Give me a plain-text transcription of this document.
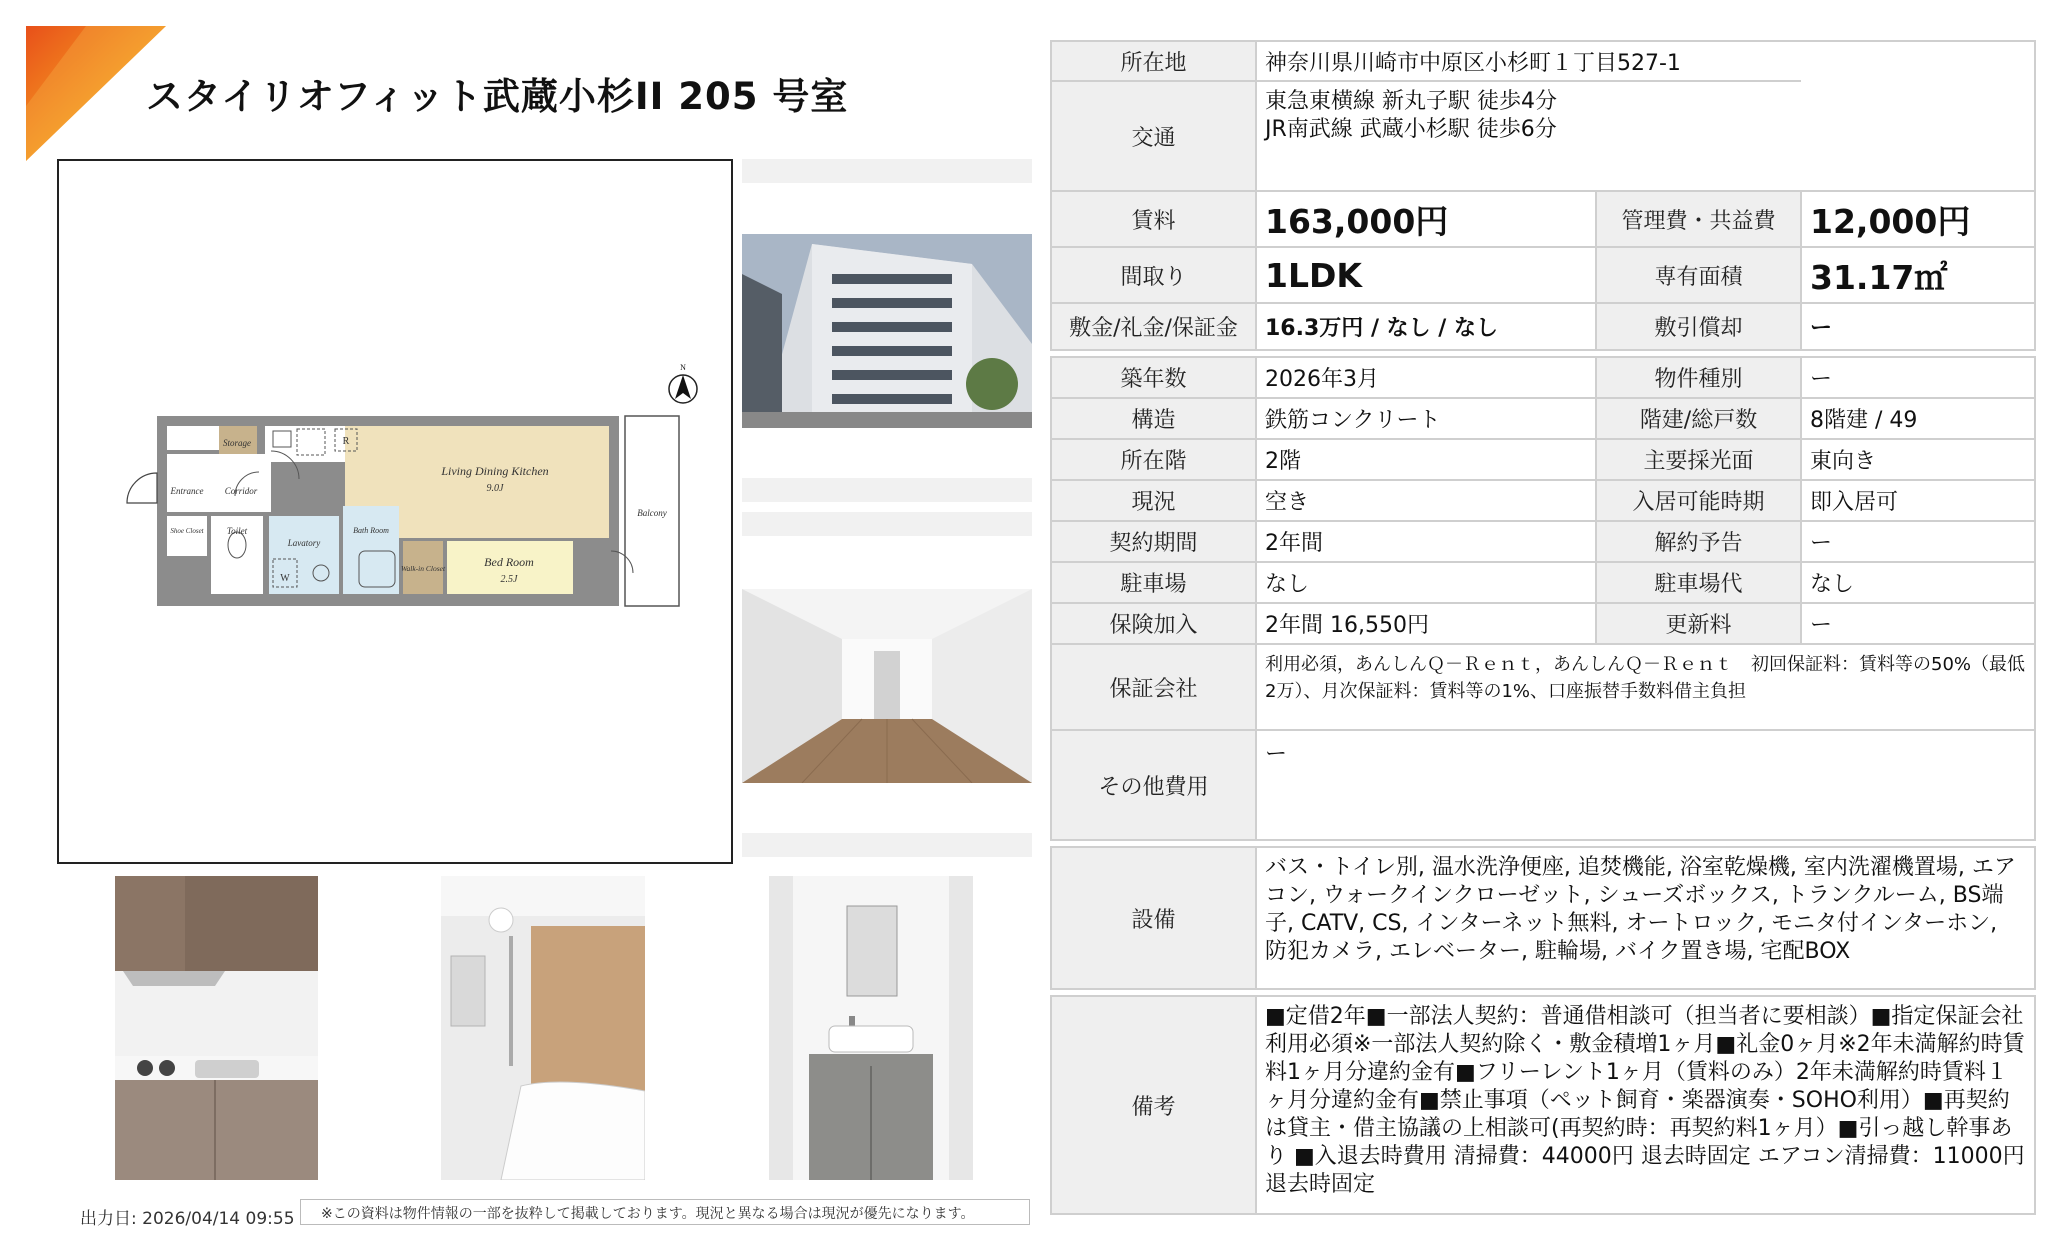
スタイリオフィット武蔵小杉II 205 号室
Storage
Entrance Corridor
Shoe Closet	Toilet
Lavatory
Bath Room
Walk-in Closet
Living Dining Kitchen
9.0J
Bed Room
2.5J
Balcony
W
R
N
所在地	神奈川県川崎市中原区小杉町１丁目527-1		
交通	東急東横線 新丸子駅 徒歩4分
JR南武線 武蔵小杉駅 徒歩6分		

賃料	163,000円	管理費・共益費	12,000円
間取り	1LDK	専有面積	31.17㎡
敷金/礼金/保証金	16.3万円 / なし / なし	敷引償却	ー

築年数	2026年3月	物件種別	ー
構造	鉄筋コンクリート	階建/総戸数	8階建 / 49
所在階	2階	主要採光面	東向き
現況	空き	入居可能時期	即入居可
契約期間	2年間	解約予告	ー
駐車場	なし	駐車場代	なし
保険加入	2年間 16,550円	更新料	ー
保証会社	利用必須，あんしんＱ－Ｒｅｎｔ，あんしんＱ－Ｒｅｎｔ　初回保証料：賃料等の50%（最低2万）、月次保証料：賃料等の1%、口座振替手数料借主負担		
その他費用	ー		

設備	バス・トイレ別, 温水洗浄便座, 追焚機能, 浴室乾燥機, 室内洗濯機置場, エアコン, ウォークインクローゼット, シューズボックス, トランクルーム, BS端子, CATV, CS, インターネット無料, オートロック, モニタ付インターホン, 防犯カメラ, エレベーター, 駐輪場, バイク置き場, 宅配BOX		

備考	■定借2年■一部法人契約：普通借相談可（担当者に要相談）■指定保証会社利用必須※一部法人契約除く・敷金積増1ヶ月■礼金0ヶ月※2年未満解約時賃料1ヶ月分違約金有■フリーレント1ヶ月（賃料のみ）2年未満解約時賃料１ヶ月分違約金有■禁止事項（ペット飼育・楽器演奏・SOHO利用）■再契約は貸主・借主協議の上相談可(再契約時：再契約料1ヶ月）■引っ越し幹事あり ■入退去時費用 清掃費：44000円 退去時固定 エアコン清掃費：11000円 退去時固定		
出力日: 2026/04/14 09:55	※この資料は物件情報の一部を抜粋して掲載しております。現況と異なる場合は現況が優先になります。
